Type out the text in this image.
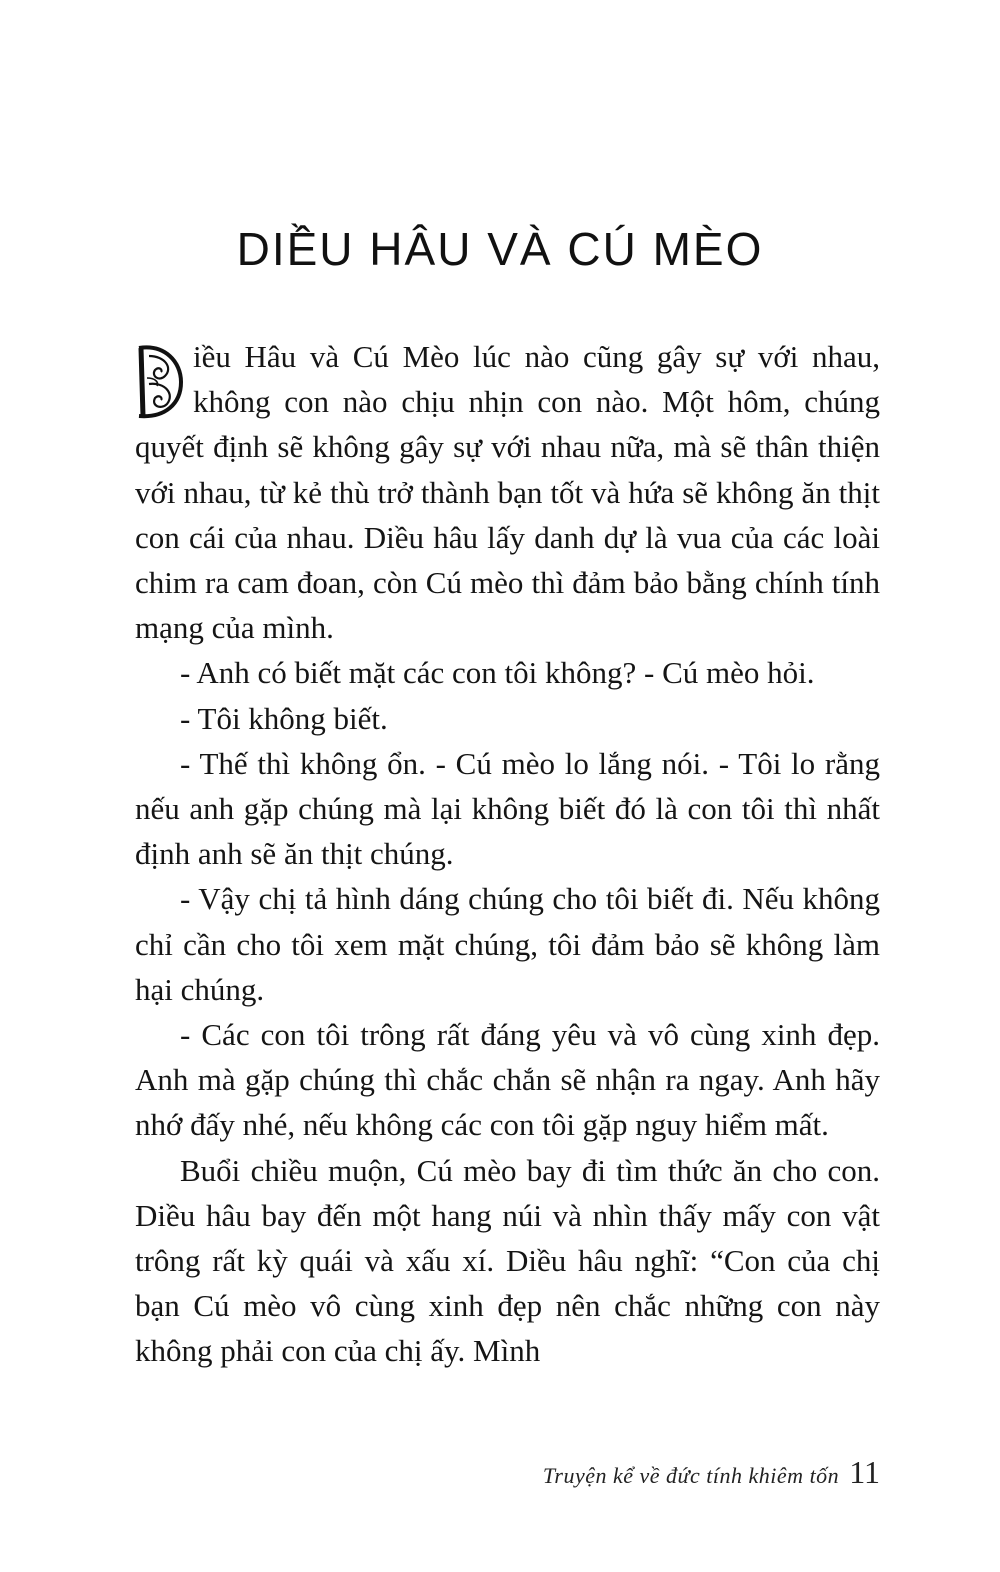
DIỀU HÂU VÀ CÚ MÈO

iều Hâu và Cú Mèo lúc nào cũng gây sự với nhau, không con nào chịu nhịn con nào. Một hôm, chúng quyết định sẽ không gây sự với nhau nữa, mà sẽ thân thiện với nhau, từ kẻ thù trở thành bạn tốt và hứa sẽ không ăn thịt con cái của nhau. Diều hâu lấy danh dự là vua của các loài chim ra cam đoan, còn Cú mèo thì đảm bảo bằng chính tính mạng của mình.

- Anh có biết mặt các con tôi không? - Cú mèo hỏi.

- Tôi không biết.

- Thế thì không ổn. - Cú mèo lo lắng nói. - Tôi lo rằng nếu anh gặp chúng mà lại không biết đó là con tôi thì nhất định anh sẽ ăn thịt chúng.

- Vậy chị tả hình dáng chúng cho tôi biết đi. Nếu không chỉ cần cho tôi xem mặt chúng, tôi đảm bảo sẽ không làm hại chúng.

- Các con tôi trông rất đáng yêu và vô cùng xinh đẹp. Anh mà gặp chúng thì chắc chắn sẽ nhận ra ngay. Anh hãy nhớ đấy nhé, nếu không các con tôi gặp nguy hiểm mất.

Buổi chiều muộn, Cú mèo bay đi tìm thức ăn cho con. Diều hâu bay đến một hang núi và nhìn thấy mấy con vật trông rất kỳ quái và xấu xí. Diều hâu nghĩ: “Con của chị bạn Cú mèo vô cùng xinh đẹp nên chắc những con này không phải con của chị ấy. Mình

Truyện kể về đức tính khiêm tốn 11
